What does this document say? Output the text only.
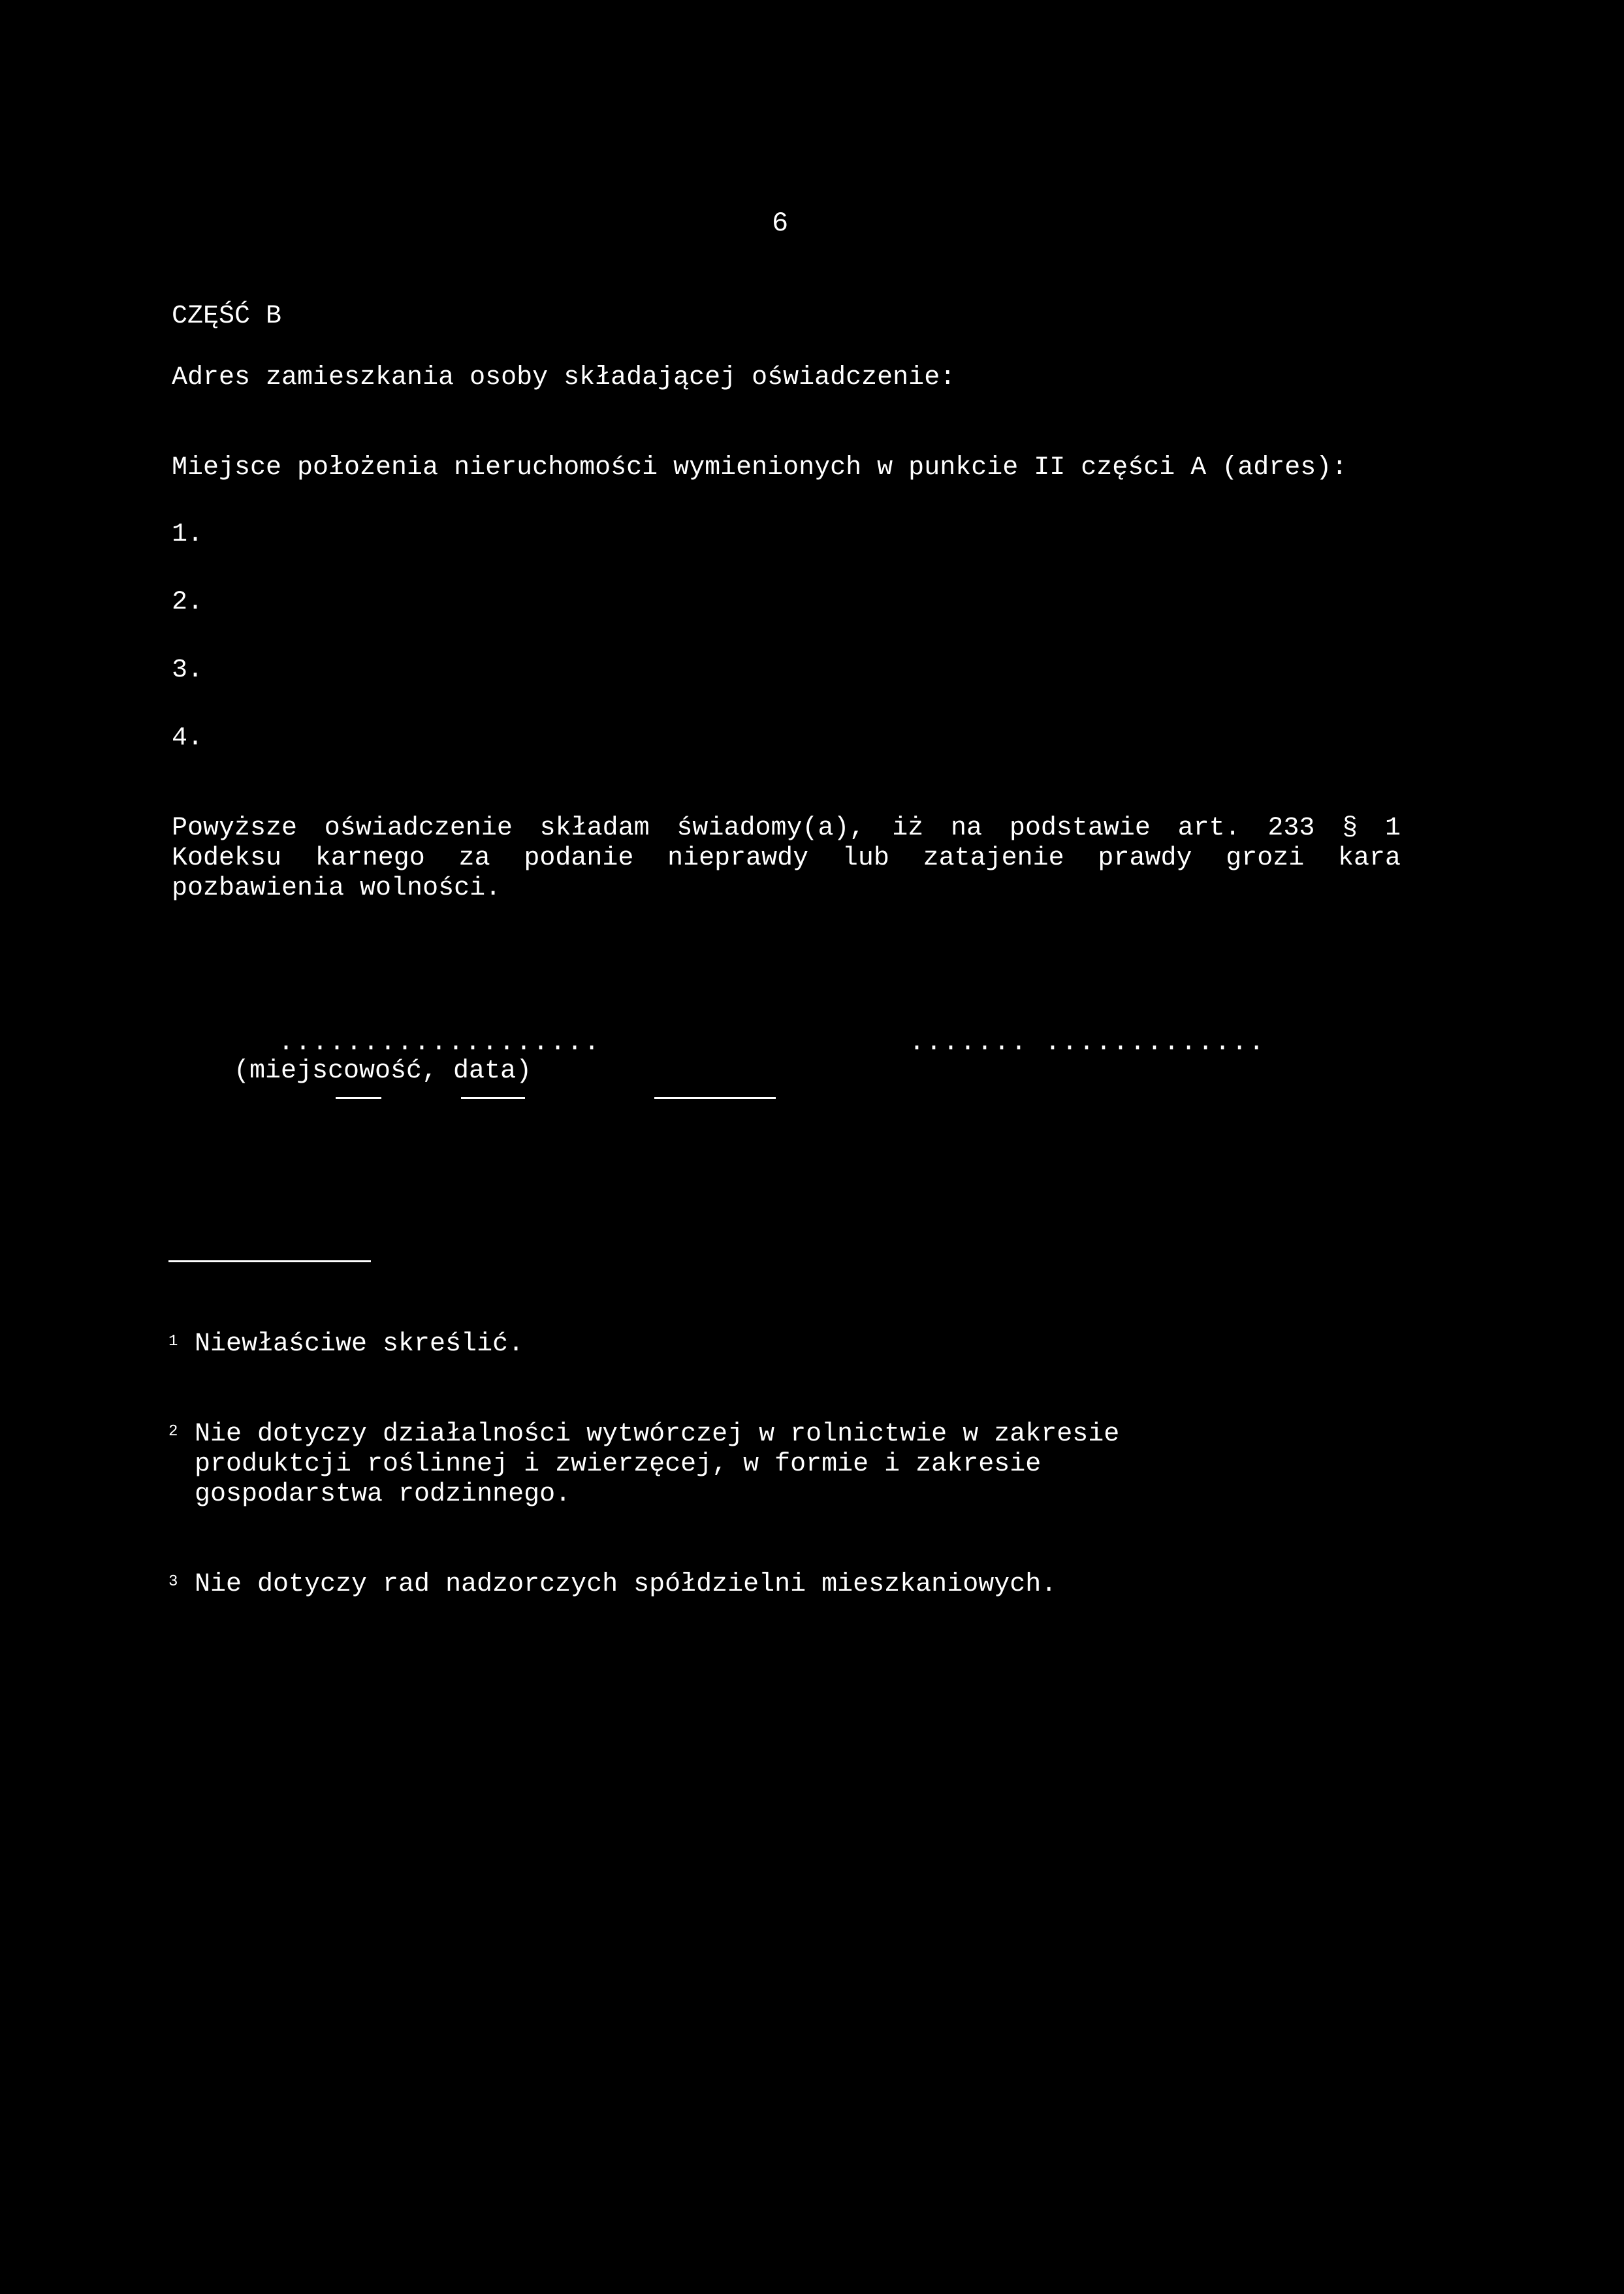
6
CZĘŚĆ B
Adres zamieszkania osoby składającej oświadczenie:
Miejsce położenia nieruchomości wymienionych w punkcie II części A (adres):

1.

2.

3.

4.

Powyższe oświadczenie składam świadomy(a), iż na podstawie art. 233 § 1
Kodeksu karnego za podanie nieprawdy lub zatajenie prawdy grozi kara
pozbawienia wolności.
...................	....... .............
(miejscowość, data)

1 Niewłaściwe skreślić.

2 Nie dotyczy działalności wytwórczej w rolnictwie w zakresie
produktcji roślinnej i zwierzęcej, w formie i zakresie
gospodarstwa rodzinnego.

3 Nie dotyczy rad nadzorczych spółdzielni mieszkaniowych.
